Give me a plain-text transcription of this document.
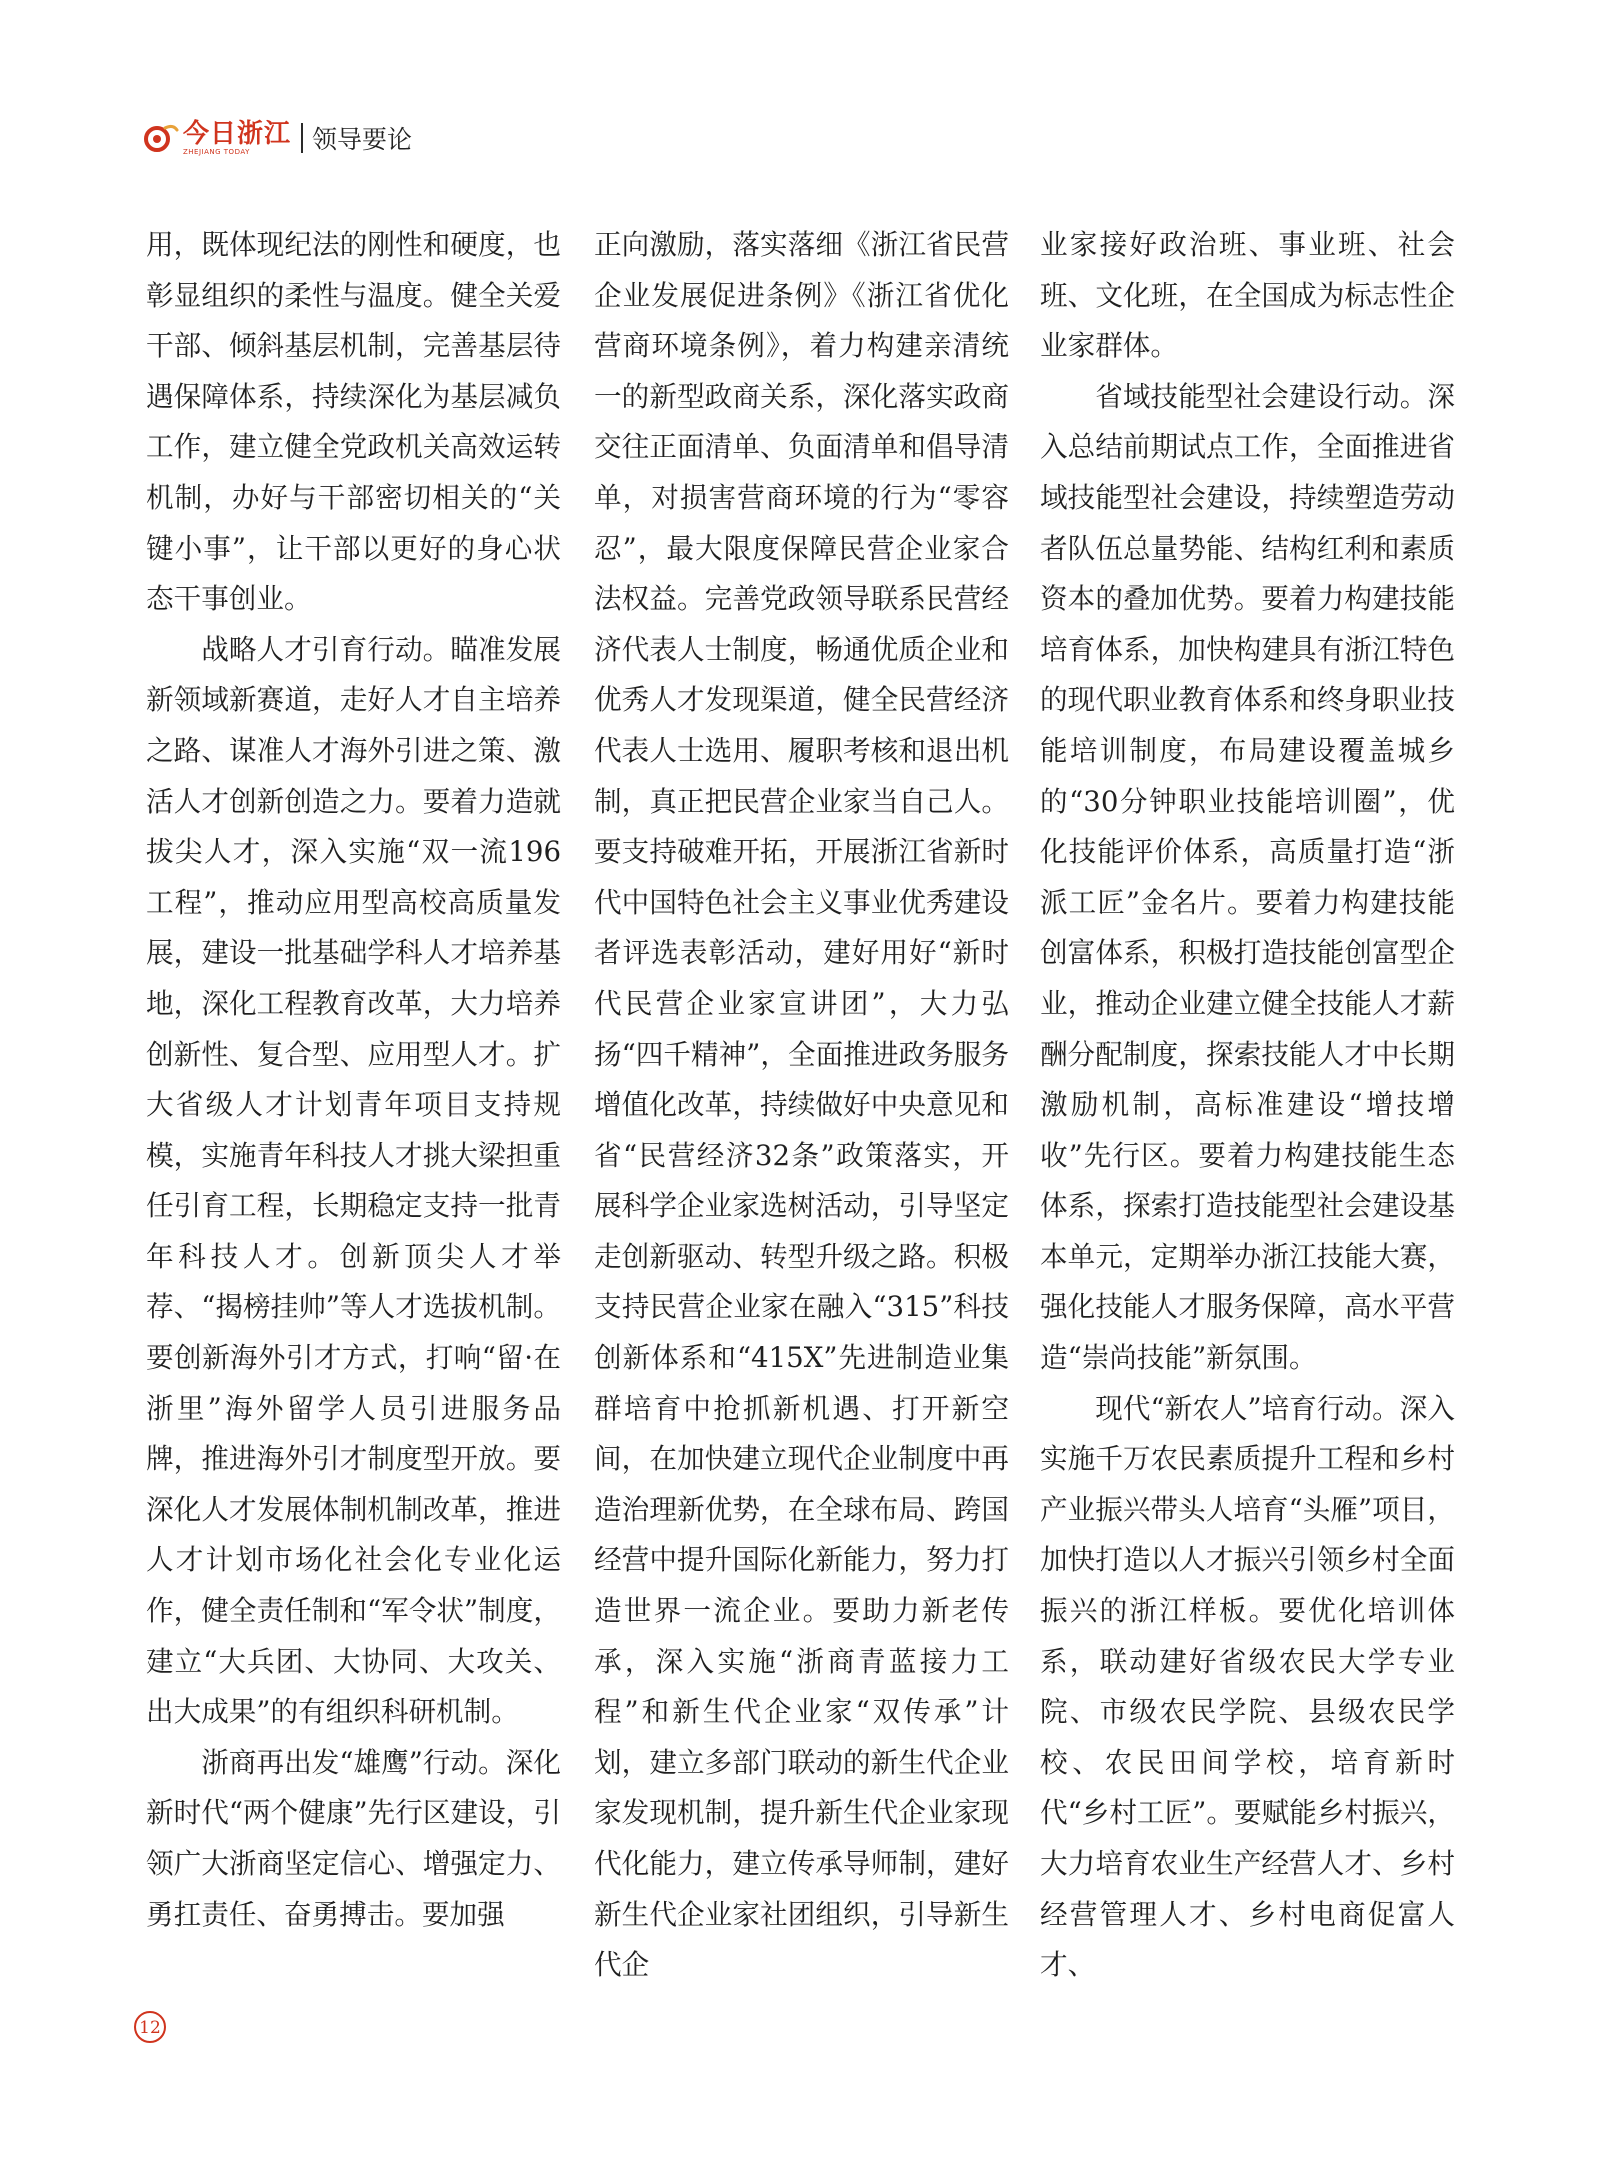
今日浙江
ZHEJIANG TODAY	领导要论

用，既体现纪法的刚性和硬度，也彰显组织的柔性与温度。健全关爱干部、倾斜基层机制，完善基层待遇保障体系，持续深化为基层减负工作，建立健全党政机关高效运转机制，办好与干部密切相关的“关键小事”，让干部以更好的身心状态干事创业。

战略人才引育行动。瞄准发展新领域新赛道，走好人才自主培养之路、谋准人才海外引进之策、激活人才创新创造之力。要着力造就拔尖人才，深入实施“双一流196工程”，推动应用型高校高质量发展，建设一批基础学科人才培养基地，深化工程教育改革，大力培养创新性、复合型、应用型人才。扩大省级人才计划青年项目支持规模，实施青年科技人才挑大梁担重任引育工程，长期稳定支持一批青年科技人才。创新顶尖人才举荐、“揭榜挂帅”等人才选拔机制。要创新海外引才方式，打响“留·在浙里”海外留学人员引进服务品牌，推进海外引才制度型开放。要深化人才发展体制机制改革，推进人才计划市场化社会化专业化运作，健全责任制和“军令状”制度，建立“大兵团、大协同、大攻关、出大成果”的有组织科研机制。

浙商再出发“雄鹰”行动。深化新时代“两个健康”先行区建设，引领广大浙商坚定信心、增强定力、勇扛责任、奋勇搏击。要加强

正向激励，落实落细《浙江省民营企业发展促进条例》《浙江省优化营商环境条例》，着力构建亲清统一的新型政商关系，深化落实政商交往正面清单、负面清单和倡导清单，对损害营商环境的行为“零容忍”，最大限度保障民营企业家合法权益。完善党政领导联系民营经济代表人士制度，畅通优质企业和优秀人才发现渠道，健全民营经济代表人士选用、履职考核和退出机制，真正把民营企业家当自己人。要支持破难开拓，开展浙江省新时代中国特色社会主义事业优秀建设者评选表彰活动，建好用好“新时代民营企业家宣讲团”，大力弘扬“四千精神”，全面推进政务服务增值化改革，持续做好中央意见和省“民营经济32条”政策落实，开展科学企业家选树活动，引导坚定走创新驱动、转型升级之路。积极支持民营企业家在融入“315”科技创新体系和“415X”先进制造业集群培育中抢抓新机遇、打开新空间，在加快建立现代企业制度中再造治理新优势，在全球布局、跨国经营中提升国际化新能力，努力打造世界一流企业。要助力新老传承，深入实施“浙商青蓝接力工程”和新生代企业家“双传承”计划，建立多部门联动的新生代企业家发现机制，提升新生代企业家现代化能力，建立传承导师制，建好新生代企业家社团组织，引导新生代企

业家接好政治班、事业班、社会班、文化班，在全国成为标志性企业家群体。

省域技能型社会建设行动。深入总结前期试点工作，全面推进省域技能型社会建设，持续塑造劳动者队伍总量势能、结构红利和素质资本的叠加优势。要着力构建技能培育体系，加快构建具有浙江特色的现代职业教育体系和终身职业技能培训制度，布局建设覆盖城乡的“30分钟职业技能培训圈”，优化技能评价体系，高质量打造“浙派工匠”金名片。要着力构建技能创富体系，积极打造技能创富型企业，推动企业建立健全技能人才薪酬分配制度，探索技能人才中长期激励机制，高标准建设“增技增收”先行区。要着力构建技能生态体系，探索打造技能型社会建设基本单元，定期举办浙江技能大赛，强化技能人才服务保障，高水平营造“崇尚技能”新氛围。

现代“新农人”培育行动。深入实施千万农民素质提升工程和乡村产业振兴带头人培育“头雁”项目，加快打造以人才振兴引领乡村全面振兴的浙江样板。要优化培训体系，联动建好省级农民大学专业院、市级农民学院、县级农民学校、农民田间学校，培育新时代“乡村工匠”。要赋能乡村振兴，大力培育农业生产经营人才、乡村经营管理人才、乡村电商促富人才、

12
